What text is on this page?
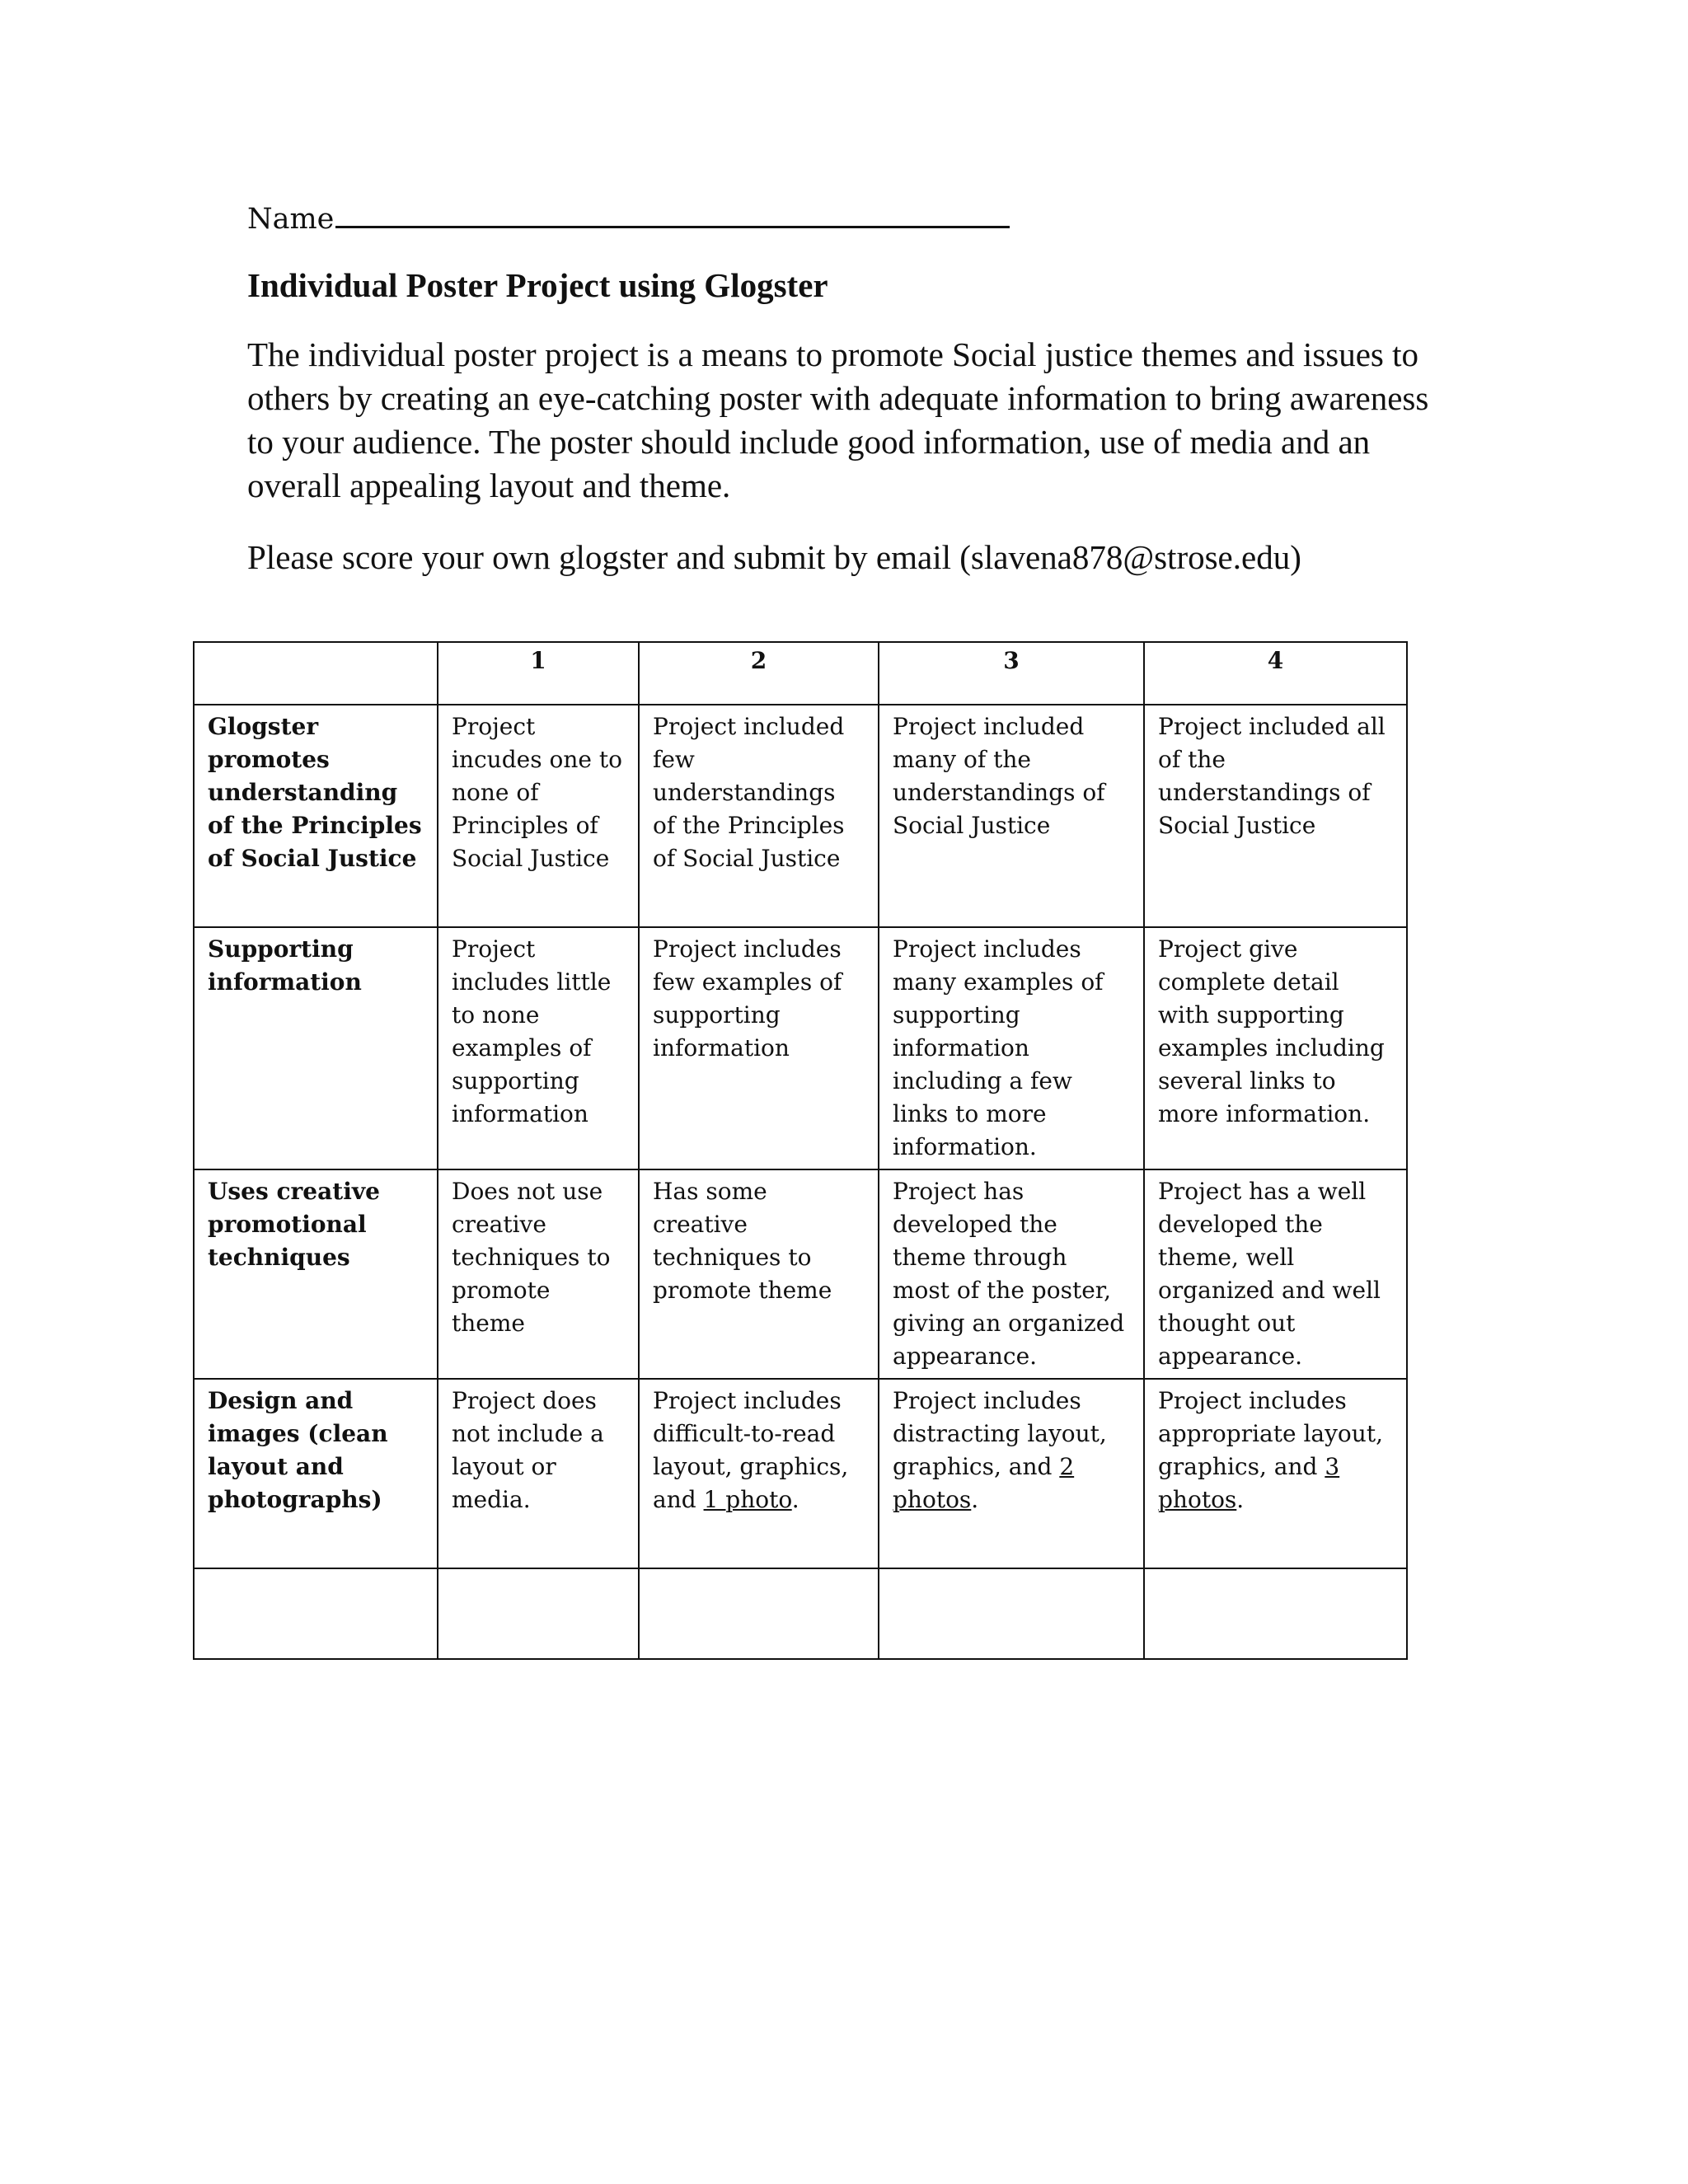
Name
Individual Poster Project using Glogster

The individual poster project is a means to promote Social justice themes and issues to others by creating an eye-catching poster with adequate information to bring awareness to your audience. The poster should include good information, use of media and an overall appealing layout and theme.

Please score your own glogster and submit by email (slavena878@strose.edu)

	1	2	3	4
Glogster promotes understanding of the Principles of Social Justice	Project incudes one to none of Principles of Social Justice	Project included few understandings of the Principles of Social Justice	Project included many of the understandings of Social Justice	Project included all of the understandings of Social Justice
Supporting information	Project includes little to none examples of supporting information	Project includes few examples of supporting information	Project includes many examples of supporting information including a few links to more information.	Project give complete detail with supporting examples including several links to more information.
Uses creative promotional techniques	Does not use creative techniques to promote theme	Has some creative techniques to promote theme	Project has developed the theme through most of the poster, giving an organized appearance.	Project has a well developed the theme, well organized and well thought out appearance.
Design and images (clean layout and photographs)	Project does not include a layout or media.	Project includes difficult-to-read layout, graphics, and 1 photo.	Project includes distracting layout, graphics, and 2 photos.	Project includes appropriate layout, graphics, and 3 photos.
